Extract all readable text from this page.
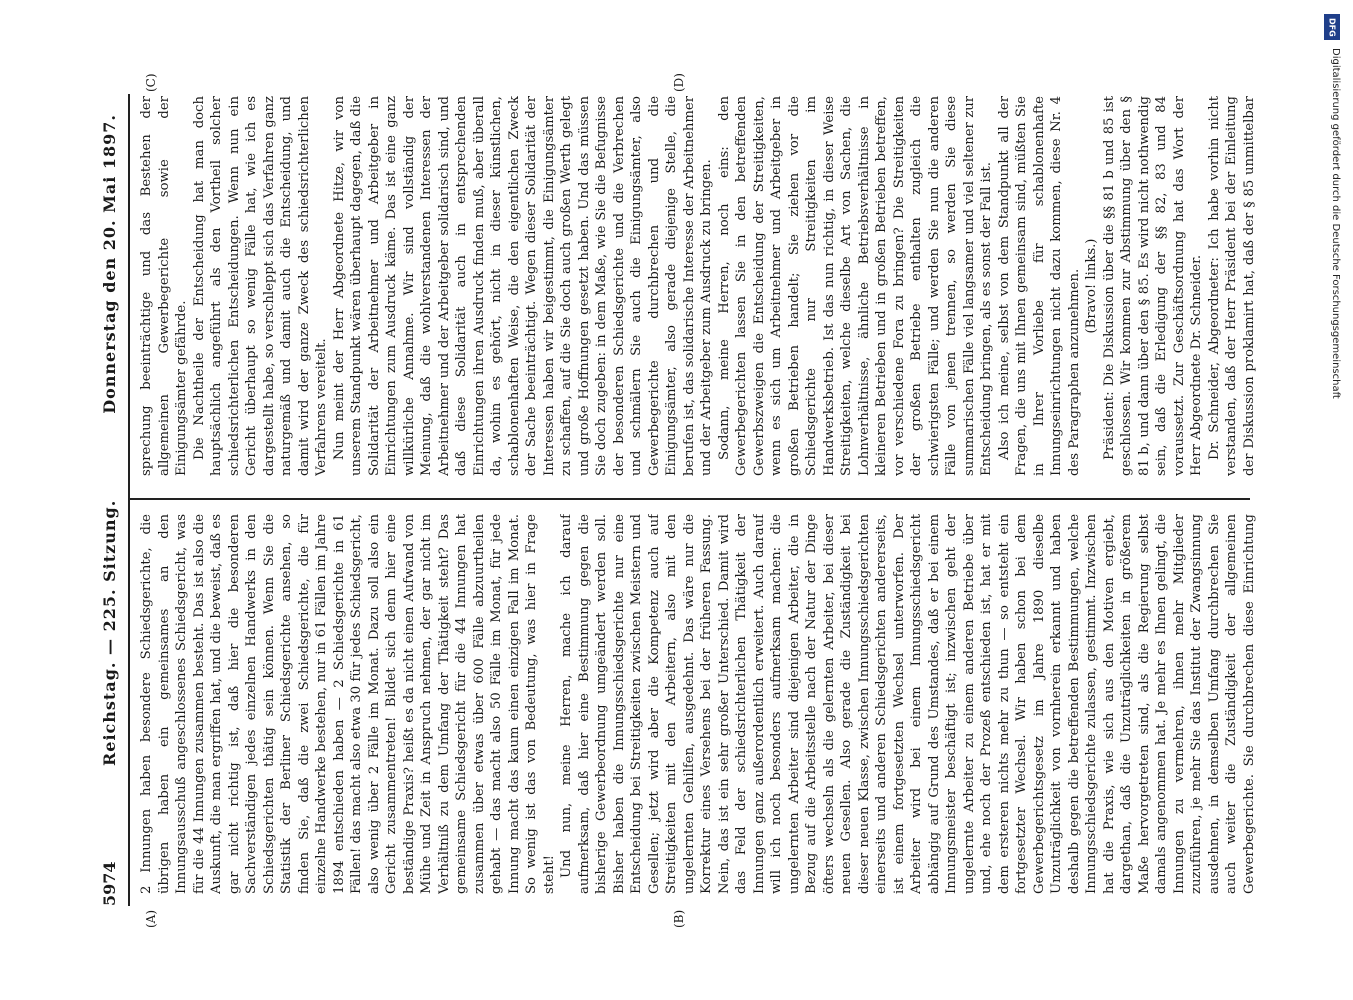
5974
Reichstag. — 225. Sitzung.
Donnerstag den 20. Mai 1897.
(A)	(B)
(C)	(D)

2 Innungen haben besondere Schiedsgerichte, die übrigen haben ein gemeinsames an den Innungsausschuß angeschlossenes Schiedsgericht, was für die 44 Innungen zusammen besteht. Das ist also die Auskunft, die man ergriffen hat, und die beweist, daß es gar nicht richtig ist, daß hier die besonderen Sachverständigen jedes einzelnen Handwerks in den Schiedsgerichten thätig sein können. Wenn Sie die Statistik der Berliner Schiedsgerichte ansehen, so finden Sie, daß die zwei Schiedsgerichte, die für einzelne Handwerke bestehen, nur in 61 Fällen im Jahre 1894 entschieden haben — 2 Schiedsgerichte in 61 Fällen! das macht also etwa 30 für jedes Schiedsgericht, also wenig über 2 Fälle im Monat. Dazu soll also ein Gericht zusammentreten! Bildet sich denn hier eine beständige Praxis? heißt es da nicht einen Aufwand von Mühe und Zeit in Anspruch nehmen, der gar nicht im Verhältniß zu dem Umfang der Thätigkeit steht? Das gemeinsame Schiedsgericht für die 44 Innungen hat zusammen über etwas über 600 Fälle abzuurtheilen gehabt — das macht also 50 Fälle im Monat, für jede Innung macht das kaum einen einzigen Fall im Monat. So wenig ist das von Bedeutung, was hier in Frage steht! Und nun, meine Herren, mache ich darauf aufmerksam, daß hier eine Bestimmung gegen die bisherige Gewerbeordnung umgeändert werden soll. Bisher haben die Innungsschiedsgerichte nur eine Entscheidung bei Streitigkeiten zwischen Meistern und Gesellen; jetzt wird aber die Kompetenz auch auf Streitigkeiten mit den Arbeitern, also mit den ungelernten Gehilfen, ausgedehnt. Das wäre nur die Korrektur eines Versehens bei der früheren Fassung. Nein, das ist ein sehr großer Unterschied. Damit wird das Feld der schiedsrichterlichen Thätigkeit der Innungen ganz außerordentlich erweitert. Auch darauf will ich noch besonders aufmerksam machen: die ungelernten Arbeiter sind diejenigen Arbeiter, die in Bezug auf die Arbeitsstelle nach der Natur der Dinge öfters wechseln als die gelernten Arbeiter, bei dieser neuen Gesellen. Also gerade die Zuständigkeit bei dieser neuen Klasse, zwischen Innungsschiedsgerichten einerseits und anderen Schiedsgerichten andererseits, ist einem fortgesetzten Wechsel unterworfen. Der Arbeiter wird bei einem Innungsschiedsgericht abhängig auf Grund des Umstandes, daß er bei einem Innungsmeister beschäftigt ist; inzwischen geht der ungelernte Arbeiter zu einem anderen Betriebe über und, ehe noch der Prozeß entschieden ist, hat er mit dem ersteren nichts mehr zu thun — so entsteht ein fortgesetzter Wechsel. Wir haben schon bei dem Gewerbegerichtsgesetz im Jahre 1890 dieselbe Unzuträglichkeit von vornherein erkannt und haben deshalb gegen die betreffenden Bestimmungen, welche Innungsschiedsgerichte zulassen, gestimmt. Inzwischen hat die Praxis, wie sich aus den Motiven ergiebt, dargethan, daß die Unzuträglichkeiten in größerem Maße hervorgetreten sind, als die Regierung selbst damals angenommen hat. Je mehr es Ihnen gelingt, die Innungen zu vermehren, ihnen mehr Mitglieder zuzuführen, je mehr Sie das Institut der Zwangsinnung ausdehnen, in demselben Umfang durchbrechen Sie auch weiter die Zuständigkeit der allgemeinen Gewerbegerichte. Sie durchbrechen diese Einrichtung

sprechung beeinträchtige und das Bestehen der allgemeinen Gewerbegerichte sowie der Einigungsämter gefährde. Die Nachtheile der Entscheidung hat man doch hauptsächlich angeführt als den Vortheil solcher schiedsrichterlichen Entscheidungen. Wenn nun ein Gericht überhaupt so wenig Fälle hat, wie ich es dargestellt habe, so verschleppt sich das Verfahren ganz naturgemäß und damit auch die Entscheidung, und damit wird der ganze Zweck des schiedsrichterlichen Verfahrens vereitelt. Nun meint der Herr Abgeordnete Hitze, wir von unserem Standpunkt wären überhaupt dagegen, daß die Solidarität der Arbeitnehmer und Arbeitgeber in Einrichtungen zum Ausdruck käme. Das ist eine ganz willkürliche Annahme. Wir sind vollständig der Meinung, daß die wohlverstandenen Interessen der Arbeitnehmer und der Arbeitgeber solidarisch sind, und daß diese Solidarität auch in entsprechenden Einrichtungen ihren Ausdruck finden muß, aber überall da, wohin es gehört, nicht in dieser künstlichen, schablonenhaften Weise, die den eigentlichen Zweck der Sache beeinträchtigt. Wegen dieser Solidarität der Interessen haben wir beigestimmt, die Einigungsämter zu schaffen, auf die Sie doch auch großen Werth gelegt und große Hoffnungen gesetzt haben. Und das müssen Sie doch zugeben: in dem Maße, wie Sie die Befugnisse der besonderen Schiedsgerichte und die Verbrechen und schmälern Sie auch die Einigungsämter, also Gewerbegerichte durchbrechen und die Einigungsämter, also gerade diejenige Stelle, die berufen ist, das solidarische Interesse der Arbeitnehmer und der Arbeitgeber zum Ausdruck zu bringen. Sodann, meine Herren, noch eins: den Gewerbegerichten lassen Sie in den betreffenden Gewerbszweigen die Entscheidung der Streitigkeiten, wenn es sich um Arbeitnehmer und Arbeitgeber in großen Betrieben handelt; Sie ziehen vor die Schiedsgerichte nur Streitigkeiten im Handwerksbetrieb. Ist das nun richtig, in dieser Weise Streitigkeiten, welche dieselbe Art von Sachen, die Lohnverhältnisse, ähnliche Betriebsverhältnisse in kleineren Betrieben und in großen Betrieben betreffen, vor verschiedene Fora zu bringen? Die Streitigkeiten der großen Betriebe enthalten zugleich die schwierigsten Fälle; und werden Sie nun die anderen Fälle von jenen trennen, so werden Sie diese summarischen Fälle viel langsamer und viel seltener zur Entscheidung bringen, als es sonst der Fall ist. Also ich meine, selbst von dem Standpunkt all der Fragen, die uns mit Ihnen gemeinsam sind, müßten Sie in Ihrer Vorliebe für schablonenhafte Innungseinrichtungen nicht dazu kommen, diese Nr. 4 des Paragraphen anzunehmen. (Bravo! links.) Präsident: Die Diskussion über die §§ 81 b und 85 ist geschlossen. Wir kommen zur Abstimmung über den § 81 b, und dann über den § 85. Es wird nicht nothwendig sein, daß die Erledigung der §§ 82, 83 und 84 voraussetzt. Zur Geschäftsordnung hat das Wort der Herr Abgeordnete Dr. Schneider. Dr. Schneider, Abgeordneter: Ich habe vorhin nicht verstanden, daß der Herr Präsident bei der Einleitung der Diskussion proklamirt hat, daß der § 85 unmittelbar

DFG
Digitalisierung gefördert durch die Deutsche Forschungsgemeinschaft
